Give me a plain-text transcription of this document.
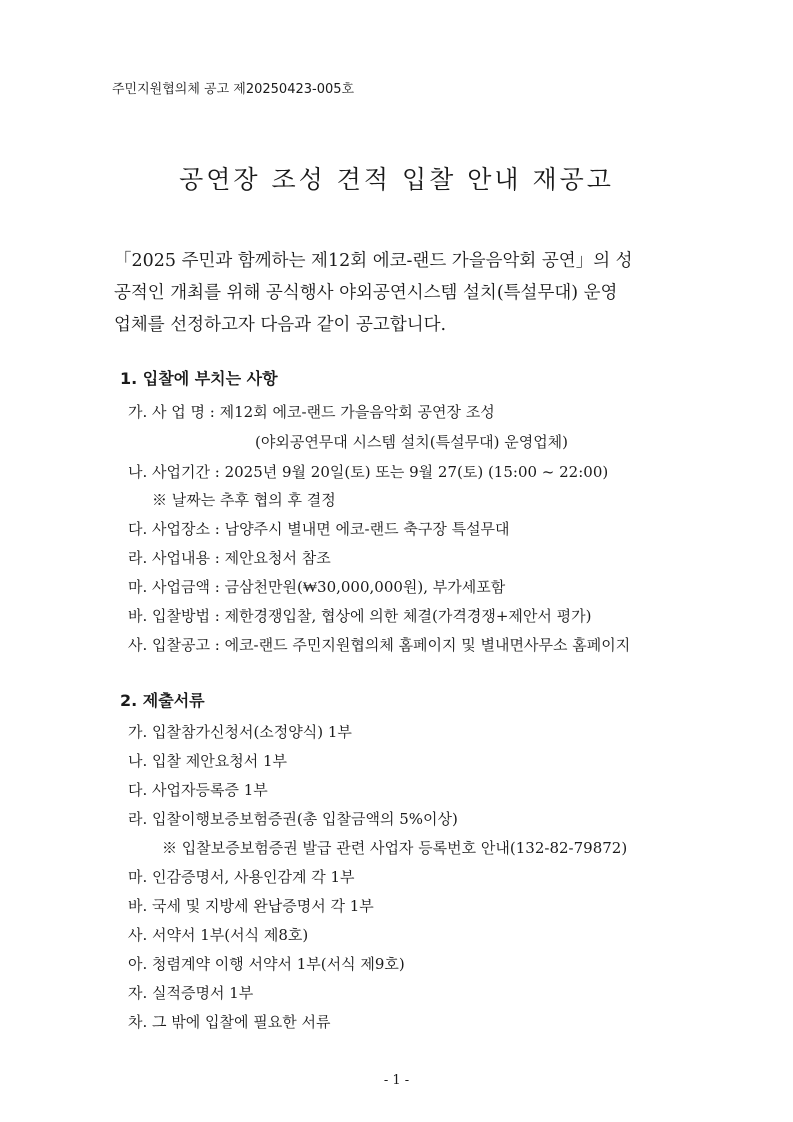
주민지원협의체 공고 제20250423-005호
공연장 조성 견적 입찰 안내 재공고

「2025 주민과 함께하는 제12회 에코-랜드 가을음악회 공연」의 성

공적인 개최를 위해 공식행사 야외공연시스템 설치(특설무대) 운영

업체를 선정하고자 다음과 같이 공고합니다.

1. 입찰에 부치는 사항
가. 사 업 명 : 제12회 에코-랜드 가을음악회 공연장 조성
(야외공연무대 시스템 설치(특설무대) 운영업체)
나. 사업기간 : 2025년 9월 20일(토) 또는 9월 27(토) (15:00 ~ 22:00)
※ 날짜는 추후 협의 후 결정
다. 사업장소 : 남양주시 별내면 에코-랜드 축구장 특설무대
라. 사업내용 : 제안요청서 참조
마. 사업금액 : 금삼천만원(₩30,000,000원), 부가세포함
바. 입찰방법 : 제한경쟁입찰, 협상에 의한 체결(가격경쟁+제안서 평가)
사. 입찰공고 : 에코-랜드 주민지원협의체 홈페이지 및 별내면사무소 홈페이지
2. 제출서류
가. 입찰참가신청서(소정양식) 1부
나. 입찰 제안요청서 1부
다. 사업자등록증 1부
라. 입찰이행보증보험증권(총 입찰금액의 5%이상)
※ 입찰보증보험증권 발급 관련 사업자 등록번호 안내(132-82-79872)
마. 인감증명서, 사용인감계 각 1부
바. 국세 및 지방세 완납증명서 각 1부
사. 서약서 1부(서식 제8호)
아. 청렴계약 이행 서약서 1부(서식 제9호)
자. 실적증명서 1부
차. 그 밖에 입찰에 필요한 서류
- 1 -
